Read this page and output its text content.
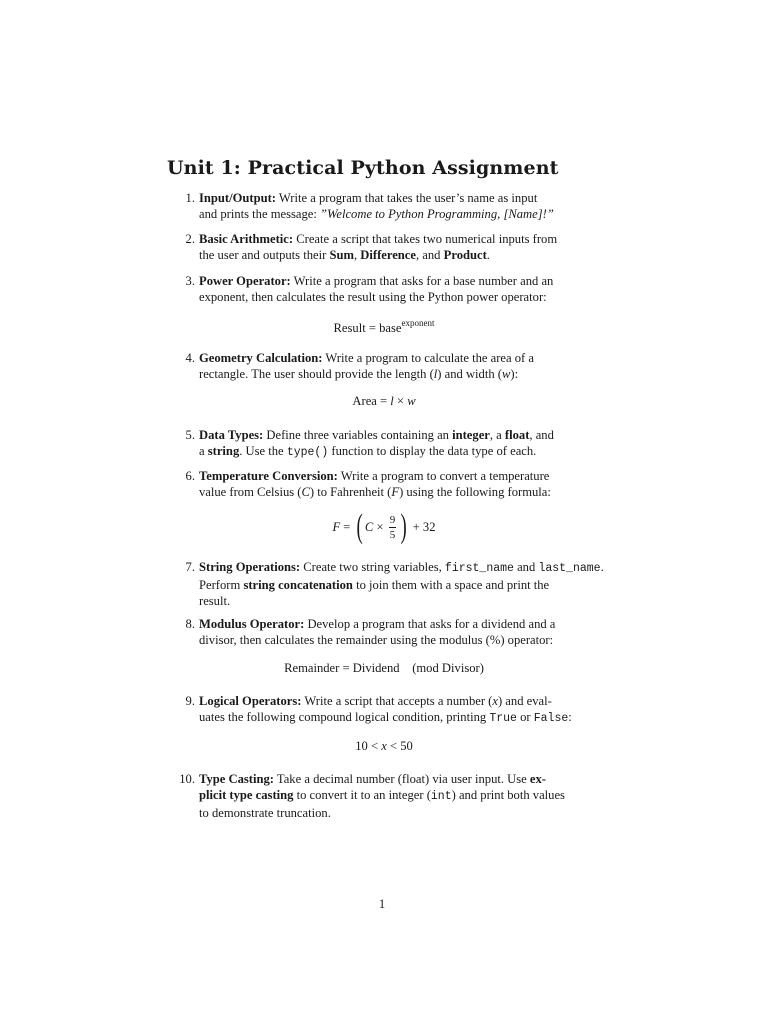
Unit 1: Practical Python Assignment
1. Input/Output: Write a program that takes the user’s name as input
and prints the message: ”Welcome to Python Programming, [Name]!”
2. Basic Arithmetic: Create a script that takes two numerical inputs from
the user and outputs their Sum, Difference, and Product.
3. Power Operator: Write a program that asks for a base number and an
exponent, then calculates the result using the Python power operator:
Result = base$^{exponent}$
4. Geometry Calculation: Write a program to calculate the area of a
rectangle. The user should provide the length (l) and width (w):
Area = l × w
5. Data Types: Define three variables containing an integer, a float, and
a string. Use the type() function to display the data type of each.
6. Temperature Conversion: Write a program to convert a temperature
value from Celsius (C) to Fahrenheit (F) using the following formula:
F = ( $C \times \frac{9}{5}$ ) + 32
7. String Operations: Create two string variables, first_name and last_name.
Perform string concatenation to join them with a space and print the
result.
8. Modulus Operator: Develop a program that asks for a dividend and a
divisor, then calculates the remainder using the modulus (%) operator:
Remainder = Dividend    (mod Divisor)
9. Logical Operators: Write a script that accepts a number (x) and eval-
uates the following compound logical condition, printing True or False:
10 < x < 50
10. Type Casting: Take a decimal number (float) via user input. Use ex-
plicit type casting to convert it to an integer (int) and print both values
to demonstrate truncation.
1
